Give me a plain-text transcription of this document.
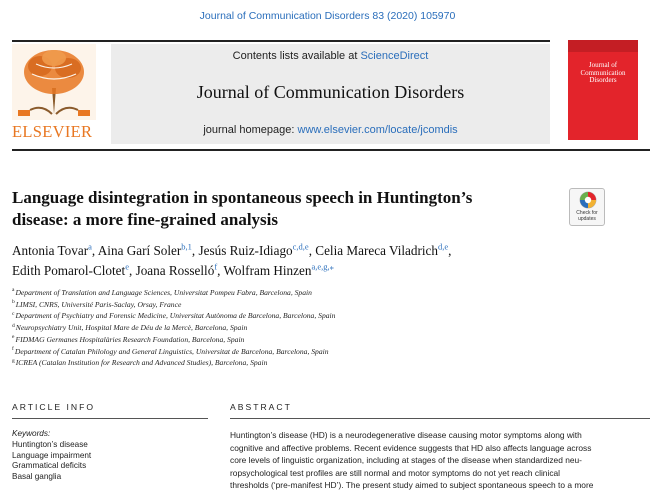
Journal of Communication Disorders 83 (2020) 105970
ELSEVIER
Contents lists available at ScienceDirect
Journal of Communication Disorders
journal homepage: www.elsevier.com/locate/jcomdis
Journal of
Communication
Disorders
Language disintegration in spontaneous speech in Huntington’s
disease: a more fine-grained analysis	Check for
updates
Antonia Tovar$^a$, Aina Garí Soler$^{b,1}$, Jesús Ruiz-Idiago$^{c,d,e}$, Celia Mareca Viladrich$^{d,e}$,
Edith Pomarol-Clotet$^e$, Joana Rosselló$^f$, Wolfram Hinzen$^{a,e,g,⁎}$
$^a$Department of Translation and Language Sciences, Universitat Pompeu Fabra, Barcelona, Spain
$^b$LIMSI, CNRS, Université Paris-Saclay, Orsay, France
$^c$Department of Psychiatry and Forensic Medicine, Universitat Autònoma de Barcelona, Barcelona, Spain
$^d$Neuropsychiatry Unit, Hospital Mare de Déu de la Mercè, Barcelona, Spain
$^e$FIDMAG Germanes Hospitalàries Research Foundation, Barcelona, Spain
$^f$Department of Catalan Philology and General Linguistics, Universitat de Barcelona, Barcelona, Spain
$^g$ICREA (Catalan Institution for Research and Advanced Studies), Barcelona, Spain
ARTICLE INFO	ABSTRACT
Keywords:
Huntington’s disease
Language impairment
Grammatical deficits
Basal ganglia
Huntington’s disease (HD) is a neurodegenerative disease causing motor symptoms along with
cognitive and affective problems. Recent evidence suggests that HD also affects language across
core levels of linguistic organization, including at stages of the disease when standardized neu-
ropsychological test profiles are still normal and motor symptoms do not yet reach clinical
thresholds (‘pre-manifest HD’). The present study aimed to subject spontaneous speech to a more
